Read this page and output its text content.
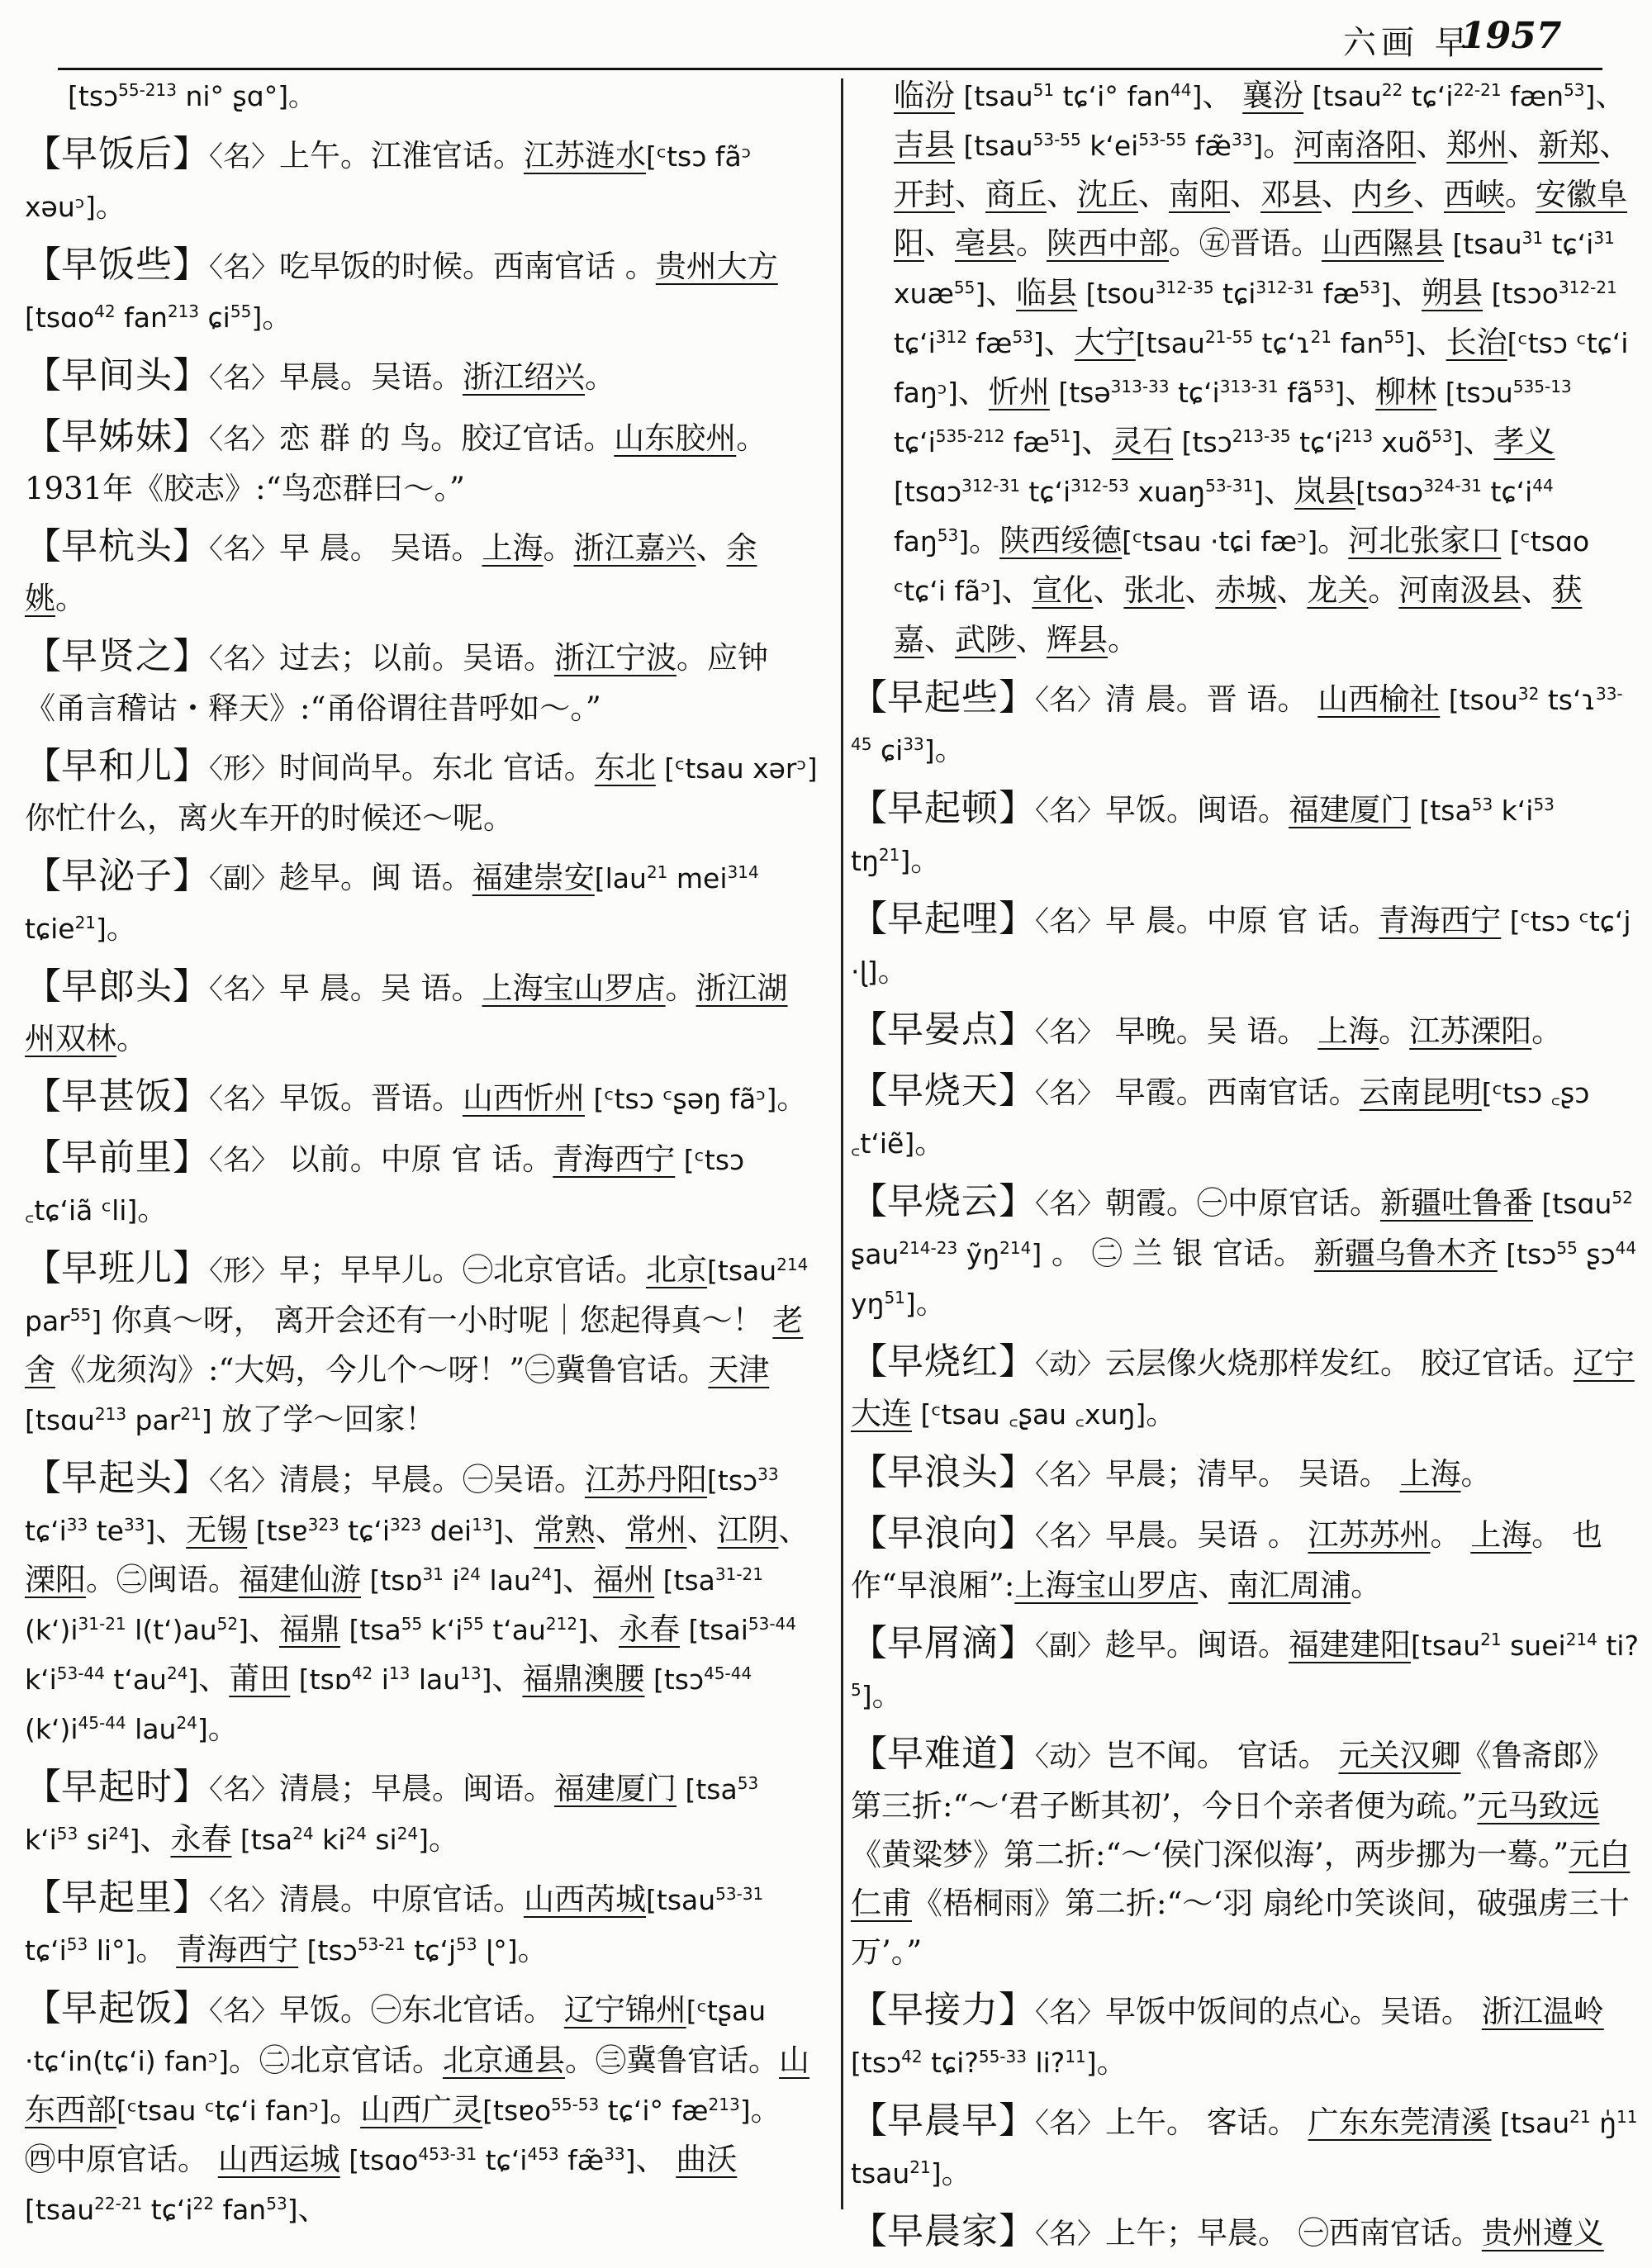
六画 早
1957
[tsɔ$^{55-213}$ ni° ʂɑ°]。
【早饭后】〈名〉上午。江淮官话。江苏涟水[ᶜtsɔ fãᵓ xəuᵓ]。
【早饭些】〈名〉吃早饭的时候。西南官话 。贵州大方 [tsɑo$^{42}$ fan$^{213}$ ɕi$^{55}$]。
【早间头】〈名〉早晨。吴语。浙江绍兴。
【早姊妹】〈名〉恋 群 的 鸟。胶辽官话。山东胶州。1931年《胶志》:“鸟恋群曰～。”
【早杭头】〈名〉早 晨。 吴语。上海。浙江嘉兴、余姚。
【早贤之】〈名〉过去；以前。吴语。浙江宁波。应钟《甬言稽诂・释天》:“甬俗谓往昔呼如～。”
【早和儿】〈形〉时间尚早。东北 官话。东北 [ᶜtsau xərᵓ] 你忙什么，离火车开的时候还～呢。
【早泌子】〈副〉趁早。闽 语。福建崇安[lau$^{21}$ mei$^{314}$ tɕie$^{21}$]。
【早郎头】〈名〉早 晨。吴 语。上海宝山罗店。浙江湖州双林。
【早甚饭】〈名〉早饭。晋语。山西忻州 [ᶜtsɔ ᶜʂəŋ fãᵓ]。
【早前里】〈名〉 以前。中原 官 话。青海西宁 [ᶜtsɔ ꜀tɕʻiã ᶜli]。
【早班儿】〈形〉早；早早儿。㊀北京官话。北京[tsau$^{214}$ par$^{55}$] 你真～呀， 离开会还有一小时呢｜您起得真～！ 老舍《龙须沟》:“大妈，今儿个～呀！”㊁冀鲁官话。天津 [tsɑu$^{213}$ par$^{21}$] 放了学～回家！
【早起头】〈名〉清晨；早晨。㊀吴语。江苏丹阳[tsɔ$^{33}$ tɕʻi$^{33}$ $te^{33}$]、无锡 [tsɐ$^{323}$ tɕʻi$^{323}$ dei$^{13}$]、常熟、常州、江阴、溧阳。㊁闽语。福建仙游 [tsɒ$^{31}$ $i^{24}$ lau$^{24}$]、福州 [tsa$^{31-21}$ $(k‘)i^{31-21}$ $l(t‘)au^{52}$]、福鼎 [tsa$^{55}$ $k‘i^{55}$ $t‘au^{212}$]、永春 [tsai$^{53-44}$ $k‘i^{53-44}$ $t‘au^{24}$]、莆田 [tsɒ$^{42}$ $i^{13}$ lau$^{13}$]、福鼎澳腰 [tsɔ$^{45-44}$ $(k‘)i^{45-44}$ lau$^{24}$]。
【早起时】〈名〉清晨；早晨。闽语。福建厦门 [tsa$^{53}$ $k‘i^{53}$ $si^{24}$]、永春 [tsa$^{24}$ $ki^{24}$ $si^{24}$]。
【早起里】〈名〉清晨。中原官话。山西芮城[tsau$^{53-31}$ tɕʻi$^{53}$ li°]。 青海西宁 [tsɔ$^{53-21}$ tɕʻj$^{53}$ ɭ°]。
【早起饭】〈名〉早饭。㊀东北官话。 辽宁锦州[ᶜtʂau ·tɕʻin(tɕʻi) fanᵓ]。㊁北京官话。北京通县。㊂冀鲁官话。山东西部[ᶜtsau ᶜtɕʻi fanᵓ]。山西广灵[tsɐo$^{55-53}$ tɕʻi° $fæ^{213}$]。 ㊃中原官话。 山西运城 [tsɑo$^{453-31}$ tɕʻi$^{453}$ fæ̃$^{33}$]、 曲沃 [tsau$^{22-21}$ tɕʻi$^{22}$ fan$^{53}$]、
临汾 [tsau$^{51}$ tɕʻi° fan$^{44}$]、 襄汾 [tsau$^{22}$ tɕʻi$^{22-21}$ fæn$^{53}$]、吉县 [tsau$^{53-55}$ $k‘ei^{53-55}$ fæ̃$^{33}$]。河南洛阳、郑州、新郑、开封、商丘、沈丘、南阳、邓县、内乡、西峡。安徽阜阳、亳县。陕西中部。㊄晋语。山西隰县 [tsau$^{31}$ tɕʻi$^{31}$ xuæ$^{55}$]、临县 [tsou$^{312-35}$ tɕi$^{312-31}$ $fæ^{53}$]、朔县 [tsɔo$^{312-21}$ tɕʻi$^{312}$ $fæ^{53}$]、大宁[tsau$^{21-55}$ tɕʻɿ$^{21}$ fan$^{55}$]、长治[ᶜtsɔ ᶜtɕʻi faŋᵓ]、忻州 [tsə$^{313-33}$ tɕʻi$^{313-31}$ $fã^{53}$]、柳林 [tsɔu$^{535-13}$ tɕʻi$^{535-212}$ $fæ^{51}$]、灵石 [tsɔ$^{213-35}$ tɕʻi$^{213}$ xuõ$^{53}$]、孝义 [tsɑɔ$^{312-31}$ tɕʻi$^{312-53}$ xuaŋ$^{53-31}$]、岚县[tsɑɔ$^{324-31}$ tɕʻi$^{44}$ faŋ$^{53}$]。陕西绥德[ᶜtsau ·tɕi fæᵓ]。河北张家口 [ᶜtsɑo ᶜtɕʻi fãᵓ]、宣化、张北、赤城、龙关。河南汲县、获嘉、武陟、辉县。
【早起些】〈名〉清 晨。晋 语。 山西榆社 [tsou$^{32}$ tsʻɿ$^{33-45}$ ɕi$^{33}$]。
【早起顿】〈名〉早饭。闽语。福建厦门 [tsa$^{53}$ $k‘i^{53}$ $tŋ^{21}$]。
【早起哩】〈名〉早 晨。中原 官 话。青海西宁 [ᶜtsɔ ᶜtɕʻj ·ɭ]。
【早晏点】〈名〉 早晚。吴 语。 上海。江苏溧阳。
【早烧天】〈名〉 早霞。西南官话。云南昆明[ᶜtsɔ ꜀ʂɔ ꜀t‘iẽ]。
【早烧云】〈名〉朝霞。㊀中原官话。新疆吐鲁番 [tsɑu$^{52}$ ʂau$^{214-23}$ ỹŋ$^{214}$] 。 ㊁ 兰 银 官话。 新疆乌鲁木齐 [tsɔ$^{55}$ ʂɔ$^{44}$ $yŋ^{51}$]。
【早烧红】〈动〉云层像火烧那样发红。 胶辽官话。辽宁大连 [ᶜtsau ꜀ʂau ꜀xuŋ]。
【早浪头】〈名〉早晨；清早。 吴语。 上海。
【早浪向】〈名〉早晨。吴语 。 江苏苏州。 上海。 也作“早浪厢”:上海宝山罗店、南汇周浦。
【早屑滴】〈副〉趁早。闽语。福建建阳[tsau$^{21}$ suei$^{214}$ ti?$^5$]。
【早难道】〈动〉岂不闻。 官话。 元关汉卿《鲁斋郎》第三折:“～‘君子断其初’，今日个亲者便为疏。”元马致远《黄粱梦》第二折:“～‘侯门深似海’，两步挪为一蓦。”元白仁甫《梧桐雨》第二折:“～‘羽 扇纶巾笑谈间，破强虏三十万’。”
【早接力】〈名〉早饭中饭间的点心。吴语。 浙江温岭 [tsɔ$^{42}$ tɕi?$^{55-33}$ li?$^{11}$]。
【早晨早】〈名〉上午。 客话。 广东东莞清溪 [tsau$^{21}$ ŋ̍$^{11}$ tsau$^{21}$]。
【早晨家】〈名〉上午；早晨。 ㊀西南官话。贵州遵义
